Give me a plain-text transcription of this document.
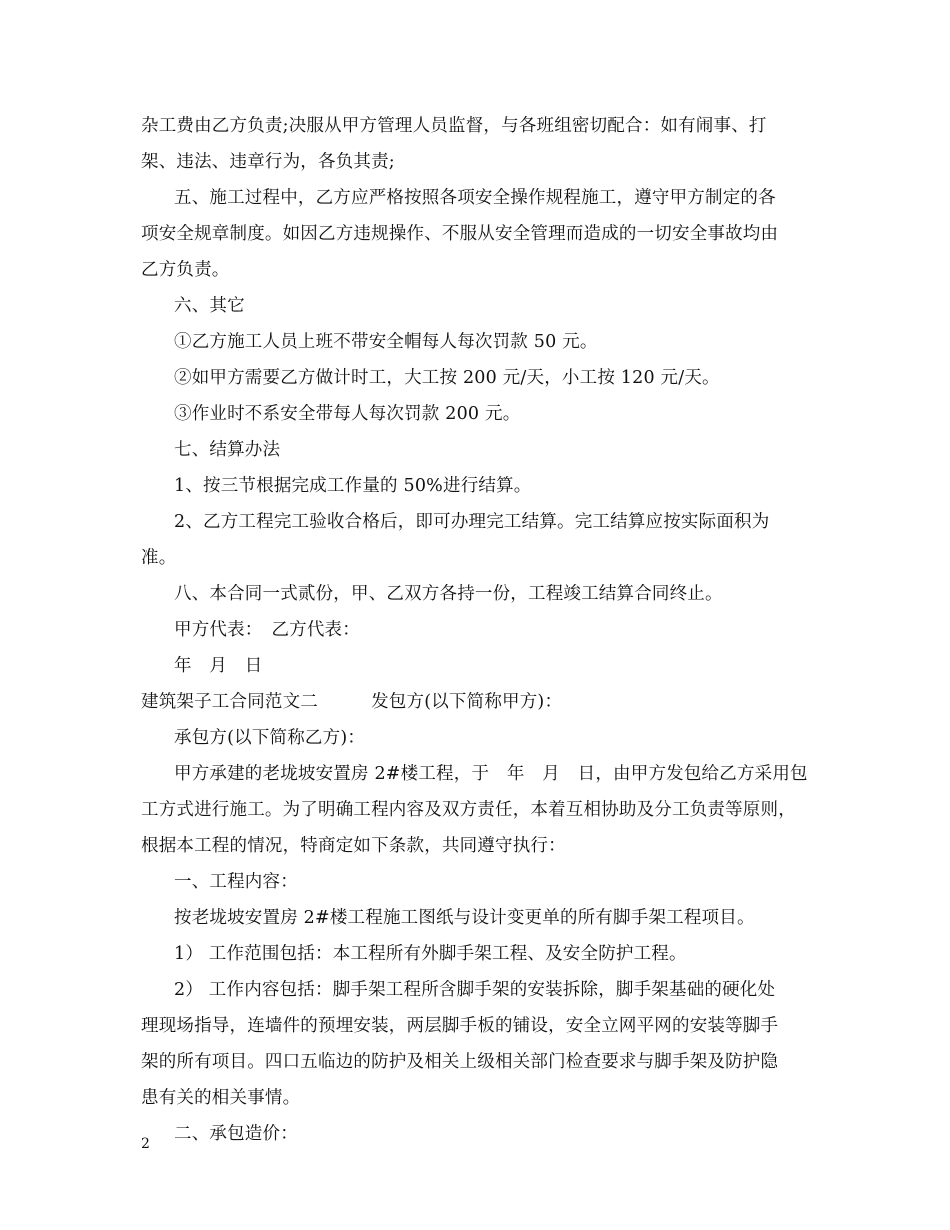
杂工费由乙方负责;决服从甲方管理人员监督，与各班组密切配合：如有闹事、打
架、违法、违章行为，各负其责;
五、施工过程中，乙方应严格按照各项安全操作规程施工，遵守甲方制定的各
项安全规章制度。如因乙方违规操作、不服从安全管理而造成的一切安全事故均由
乙方负责。
六、其它
①乙方施工人员上班不带安全帽每人每次罚款 50 元。
②如甲方需要乙方做计时工，大工按 200 元/天，小工按 120 元/天。
③作业时不系安全带每人每次罚款 200 元。
七、结算办法
1、按三节根据完成工作量的 50%进行结算。
2、乙方工程完工验收合格后，即可办理完工结算。完工结算应按实际面积为
准。
八、本合同一式贰份，甲、乙双方各持一份，工程竣工结算合同终止。
甲方代表：　乙方代表：
年　月　日
建筑架子工合同范文二　　　发包方(以下简称甲方)：
承包方(以下简称乙方)：
甲方承建的老垅坡安置房 2#楼工程，于　年　月　日，由甲方发包给乙方采用包
工方式进行施工。为了明确工程内容及双方责任，本着互相协助及分工负责等原则，
根据本工程的情况，特商定如下条款，共同遵守执行：
一、工程内容：
按老垅坡安置房 2#楼工程施工图纸与设计变更单的所有脚手架工程项目。
1） 工作范围包括：本工程所有外脚手架工程、及安全防护工程。
2） 工作内容包括：脚手架工程所含脚手架的安装拆除，脚手架基础的硬化处
理现场指导，连墙件的预埋安装，两层脚手板的铺设，安全立网平网的安装等脚手
架的所有项目。四口五临边的防护及相关上级相关部门检查要求与脚手架及防护隐
患有关的相关事情。
二、承包造价：
2
